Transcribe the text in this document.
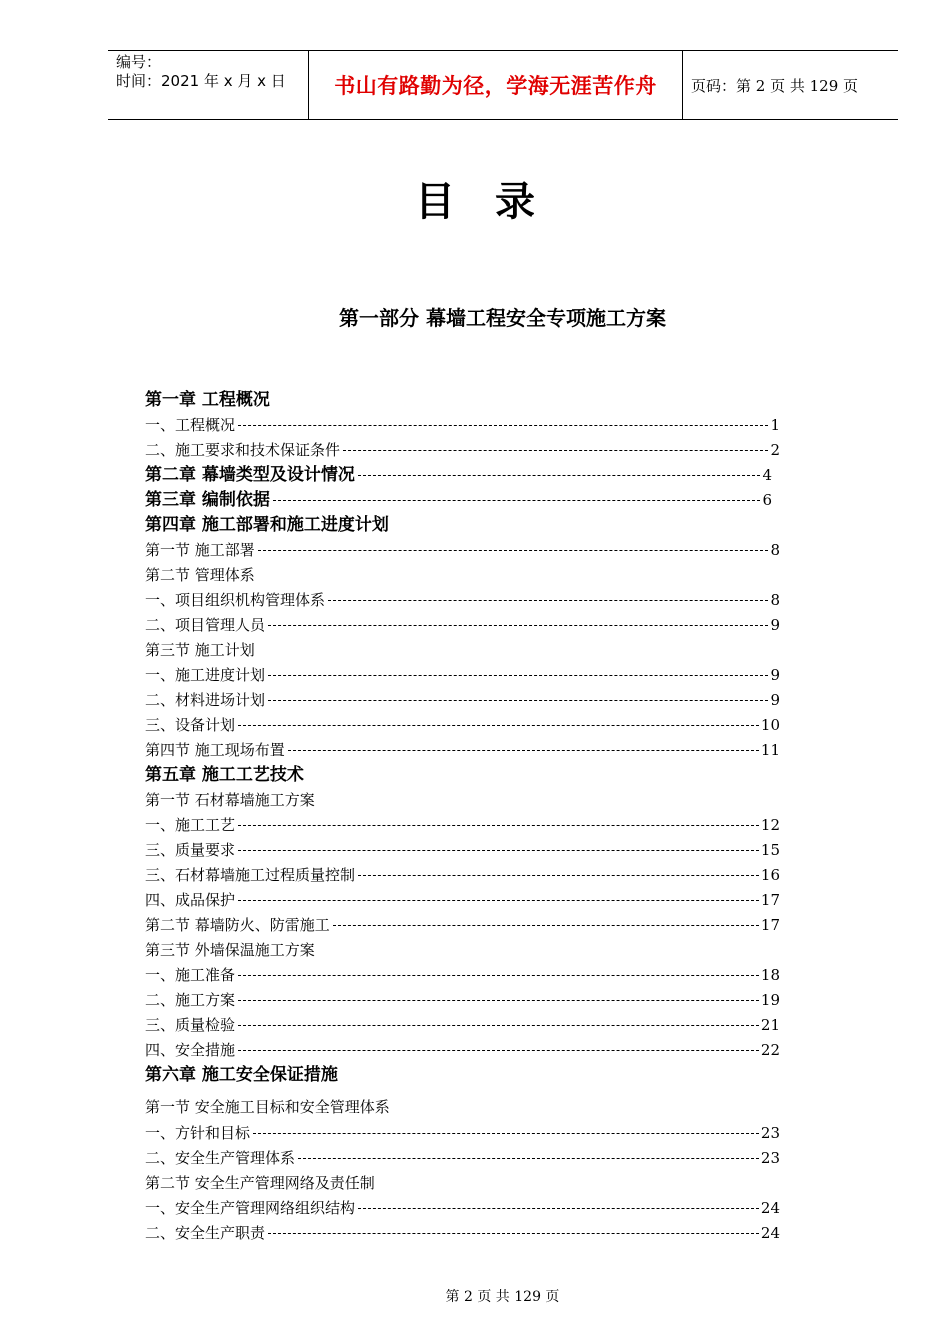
编号：
时间：2021 年 x 月 x 日	书山有路勤为径，学海无涯苦作舟	页码：第 2 页 共 129 页
目录
第一部分 幕墙工程安全专项施工方案
第一章 工程概况
一、工程概况	1
二、施工要求和技术保证条件	2
第二章 幕墙类型及设计情况	4
第三章 编制依据	6
第四章 施工部署和施工进度计划
第一节 施工部署	8
第二节 管理体系
一、项目组织机构管理体系	8
二、项目管理人员	9
第三节 施工计划
一、施工进度计划	9
二、材料进场计划	9
三、设备计划	10
第四节 施工现场布置	11
第五章 施工工艺技术
第一节 石材幕墙施工方案
一、施工工艺	12
三、质量要求	15
三、石材幕墙施工过程质量控制	16
四、成品保护	17
第二节 幕墙防火、防雷施工	17
第三节 外墙保温施工方案
一、施工准备	18
二、施工方案	19
三、质量检验	21
四、安全措施	22
第六章 施工安全保证措施
第一节 安全施工目标和安全管理体系
一、方针和目标	23
二、安全生产管理体系	23
第二节 安全生产管理网络及责任制
一、安全生产管理网络组织结构	24
二、安全生产职责	24
第 2 页 共 129 页
